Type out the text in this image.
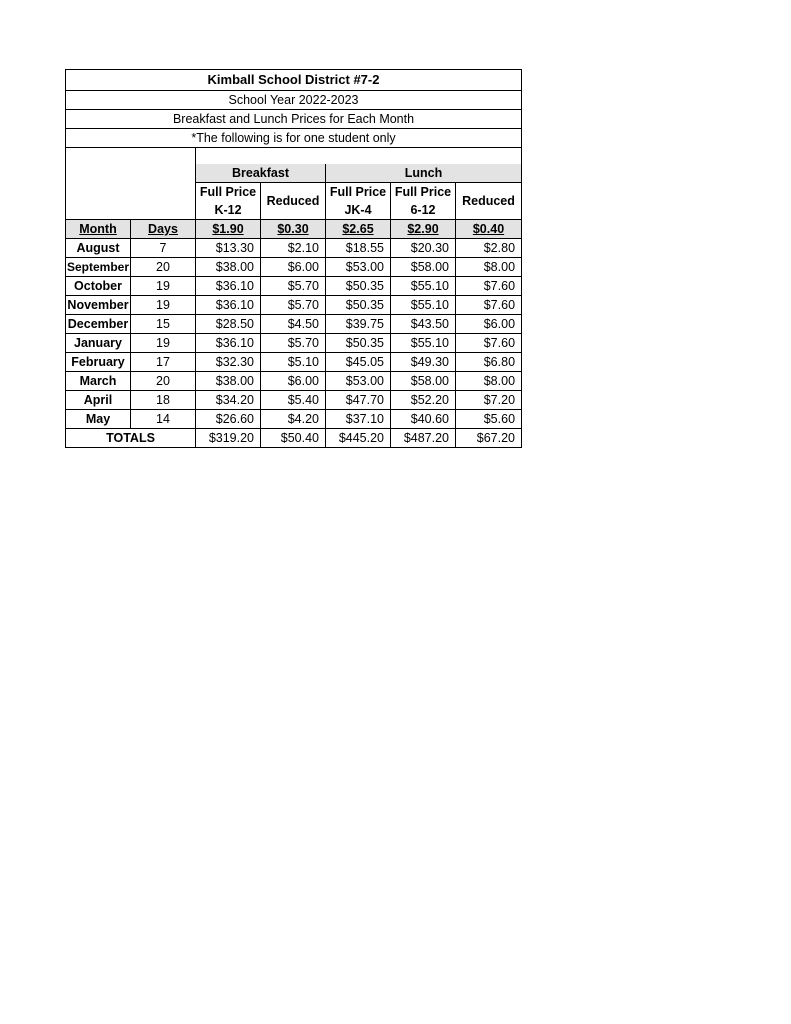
Kimball School District #7-2						
School Year 2022-2023						
Breakfast and Lunch Prices for Each Month						
*The following is for one student only						

		Breakfast		Lunch		
		Full Price	Reduced	Full Price	Full Price	Reduced
		K-12		JK-4	6-12	
Month	Days	$1.90	$0.30	$2.65	$2.90	$0.40
August	7	$13.30	$2.10	$18.55	$20.30	$2.80
September	20	$38.00	$6.00	$53.00	$58.00	$8.00
October	19	$36.10	$5.70	$50.35	$55.10	$7.60
November	19	$36.10	$5.70	$50.35	$55.10	$7.60
December	15	$28.50	$4.50	$39.75	$43.50	$6.00
January	19	$36.10	$5.70	$50.35	$55.10	$7.60
February	17	$32.30	$5.10	$45.05	$49.30	$6.80
March	20	$38.00	$6.00	$53.00	$58.00	$8.00
April	18	$34.20	$5.40	$47.70	$52.20	$7.20
May	14	$26.60	$4.20	$37.10	$40.60	$5.60
TOTALS		$319.20	$50.40	$445.20	$487.20	$67.20
